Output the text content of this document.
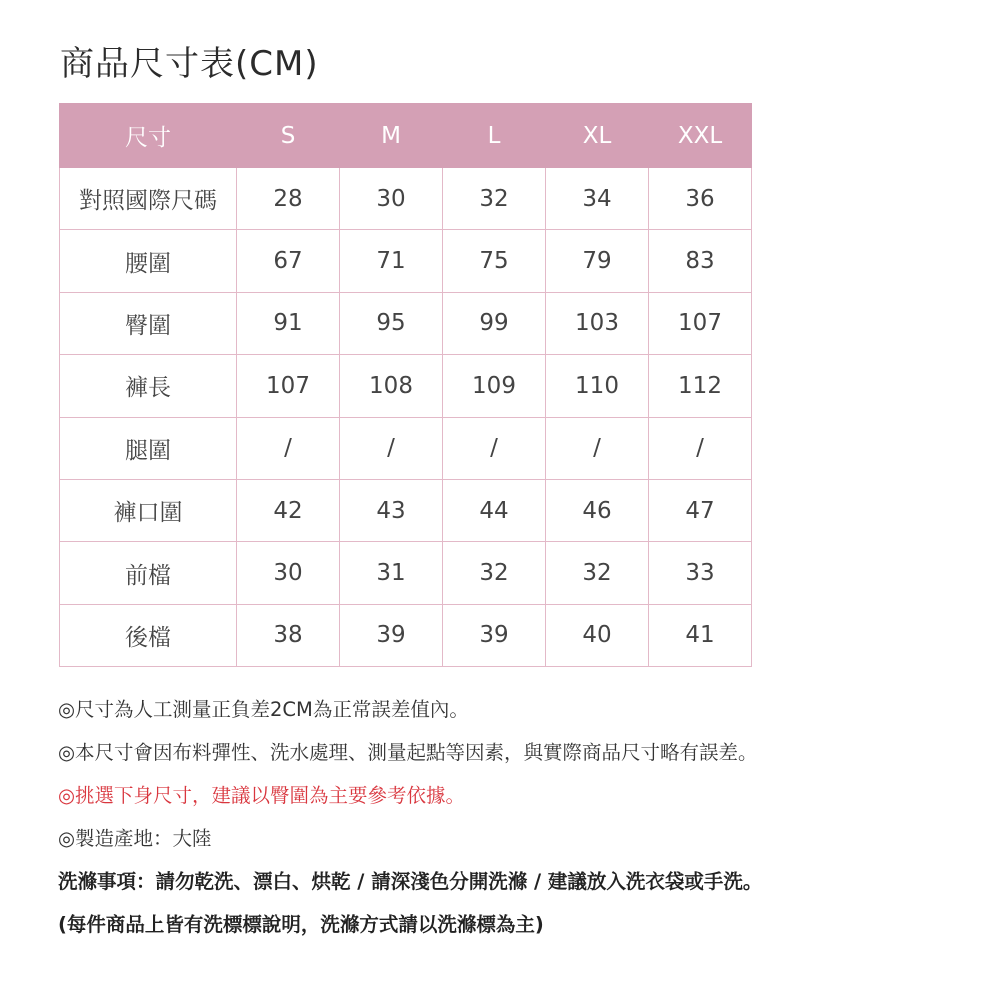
商品尺寸表(CM)
尺寸	S	M	L	XL	XXL
對照國際尺碼	28	30	32	34	36
腰圍	67	71	75	79	83
臀圍	91	95	99	103	107
褲長	107	108	109	110	112
腿圍	/	/	/	/	/
褲口圍	42	43	44	46	47
前檔	30	31	32	32	33
後檔	38	39	39	40	41
◎尺寸為人工測量正負差2CM為正常誤差值內。
◎本尺寸會因布料彈性、洗水處理、測量起點等因素，與實際商品尺寸略有誤差。
◎挑選下身尺寸，建議以臀圍為主要參考依據。
◎製造產地：大陸
洗滌事項：請勿乾洗、漂白、烘乾 / 請深淺色分開洗滌 / 建議放入洗衣袋或手洗。
(每件商品上皆有洗標標說明，洗滌方式請以洗滌標為主)
